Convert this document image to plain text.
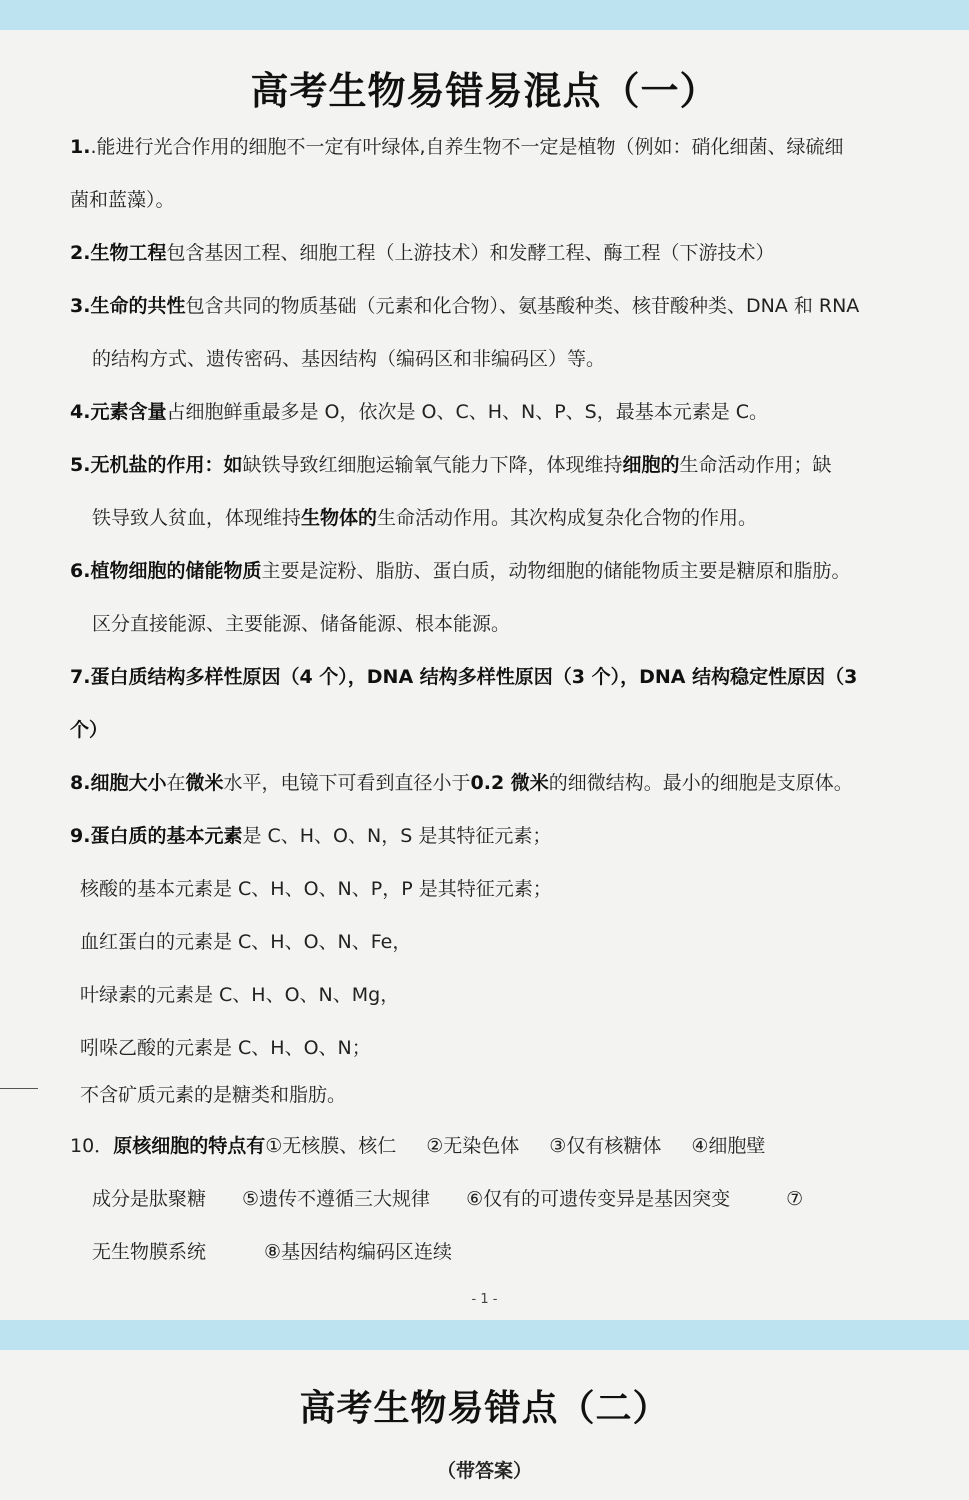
高考生物易错易混点（一）
1..能进行光合作用的细胞不一定有叶绿体,自养生物不一定是植物（例如：硝化细菌、绿硫细
菌和蓝藻）。
2.生物工程包含基因工程、细胞工程（上游技术）和发酵工程、酶工程（下游技术）
3.生命的共性包含共同的物质基础（元素和化合物）、氨基酸种类、核苷酸种类、DNA 和 RNA
的结构方式、遗传密码、基因结构（编码区和非编码区）等。
4.元素含量占细胞鲜重最多是 O，依次是 O、C、H、N、P、S，最基本元素是 C。
5.无机盐的作用：如缺铁导致红细胞运输氧气能力下降，体现维持细胞的生命活动作用；缺
铁导致人贫血，体现维持生物体的生命活动作用。其次构成复杂化合物的作用。
6.植物细胞的储能物质主要是淀粉、脂肪、蛋白质，动物细胞的储能物质主要是糖原和脂肪。
区分直接能源、主要能源、储备能源、根本能源。
7.蛋白质结构多样性原因（4 个），DNA 结构多样性原因（3 个），DNA 结构稳定性原因（3
个）
8.细胞大小在微米水平，电镜下可看到直径小于0.2 微米的细微结构。最小的细胞是支原体。
9.蛋白质的基本元素是 C、H、O、N，S 是其特征元素；
核酸的基本元素是 C、H、O、N、P，P 是其特征元素；
血红蛋白的元素是 C、H、O、N、Fe，
叶绿素的元素是 C、H、O、N、Mg，
吲哚乙酸的元素是 C、H、O、N；
不含矿质元素的是糖类和脂肪。
10．原核细胞的特点有①无核膜、核仁 ②无染色体 ③仅有核糖体 ④细胞壁
成分是肽聚糖 ⑤遗传不遵循三大规律 ⑥仅有的可遗传变异是基因突变	⑦
无生物膜系统	⑧基因结构编码区连续
- 1 -
高考生物易错点（二）
（带答案）
